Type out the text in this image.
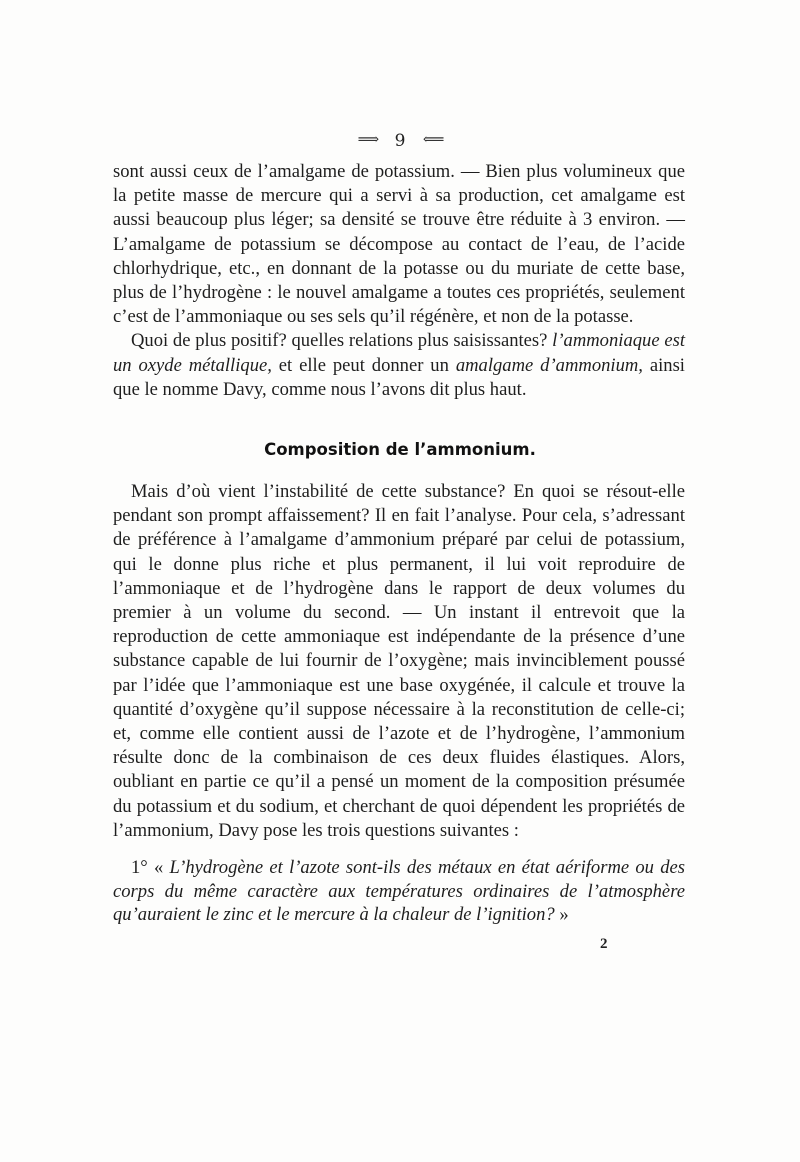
⟹ 9 ⟸

sont aussi ceux de l’amalgame de potassium. — Bien plus volumineux que la petite masse de mercure qui a servi à sa production, cet amalgame est aussi beaucoup plus léger; sa densité se trouve être réduite à 3 environ. — L’amalgame de potassium se décompose au contact de l’eau, de l’acide chlorhydrique, etc., en donnant de la potasse ou du muriate de cette base, plus de l’hydrogène : le nouvel amalgame a toutes ces propriétés, seulement c’est de l’ammoniaque ou ses sels qu’il régénère, et non de la potasse.

Quoi de plus positif? quelles relations plus saisissantes? l’ammoniaque est un oxyde métallique, et elle peut donner un amalgame d’ammonium, ainsi que le nomme Davy, comme nous l’avons dit plus haut.

Composition de l’ammonium.

Mais d’où vient l’instabilité de cette substance? En quoi se résout-elle pendant son prompt affaissement? Il en fait l’analyse. Pour cela, s’adressant de préférence à l’amalgame d’ammonium préparé par celui de potassium, qui le donne plus riche et plus permanent, il lui voit reproduire de l’ammoniaque et de l’hydrogène dans le rapport de deux volumes du premier à un volume du second. — Un instant il entrevoit que la reproduction de cette ammoniaque est indépendante de la présence d’une substance capable de lui fournir de l’oxygène; mais invinciblement poussé par l’idée que l’ammoniaque est une base oxygénée, il calcule et trouve la quantité d’oxygène qu’il suppose nécessaire à la reconstitution de celle-ci; et, comme elle contient aussi de l’azote et de l’hydrogène, l’ammonium résulte donc de la combinaison de ces deux fluides élastiques. Alors, oubliant en partie ce qu’il a pensé un moment de la composition présumée du potassium et du sodium, et cherchant de quoi dépendent les propriétés de l’ammonium, Davy pose les trois questions suivantes :

1° « L’hydrogène et l’azote sont-ils des métaux en état aériforme ou des corps du même caractère aux températures ordinaires de l’atmosphère qu’auraient le zinc et le mercure à la chaleur de l’ignition? »
2
